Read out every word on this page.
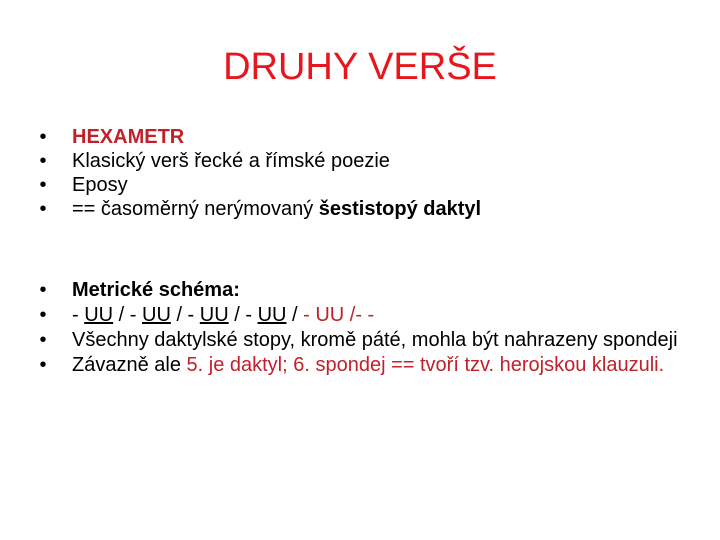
DRUHY VERŠE
• HEXAMETR
• Klasický verš řecké a římské poezie
• Eposy
• == časoměrný nerýmovaný šestistopý daktyl
• Metrické schéma:
• - UU / - UU / - UU / - UU / - UU /- -
• Všechny daktylské stopy, kromě páté, mohla být nahrazeny spondeji
• Závazně ale 5. je daktyl; 6. spondej == tvoří tzv. herojskou klauzuli.
